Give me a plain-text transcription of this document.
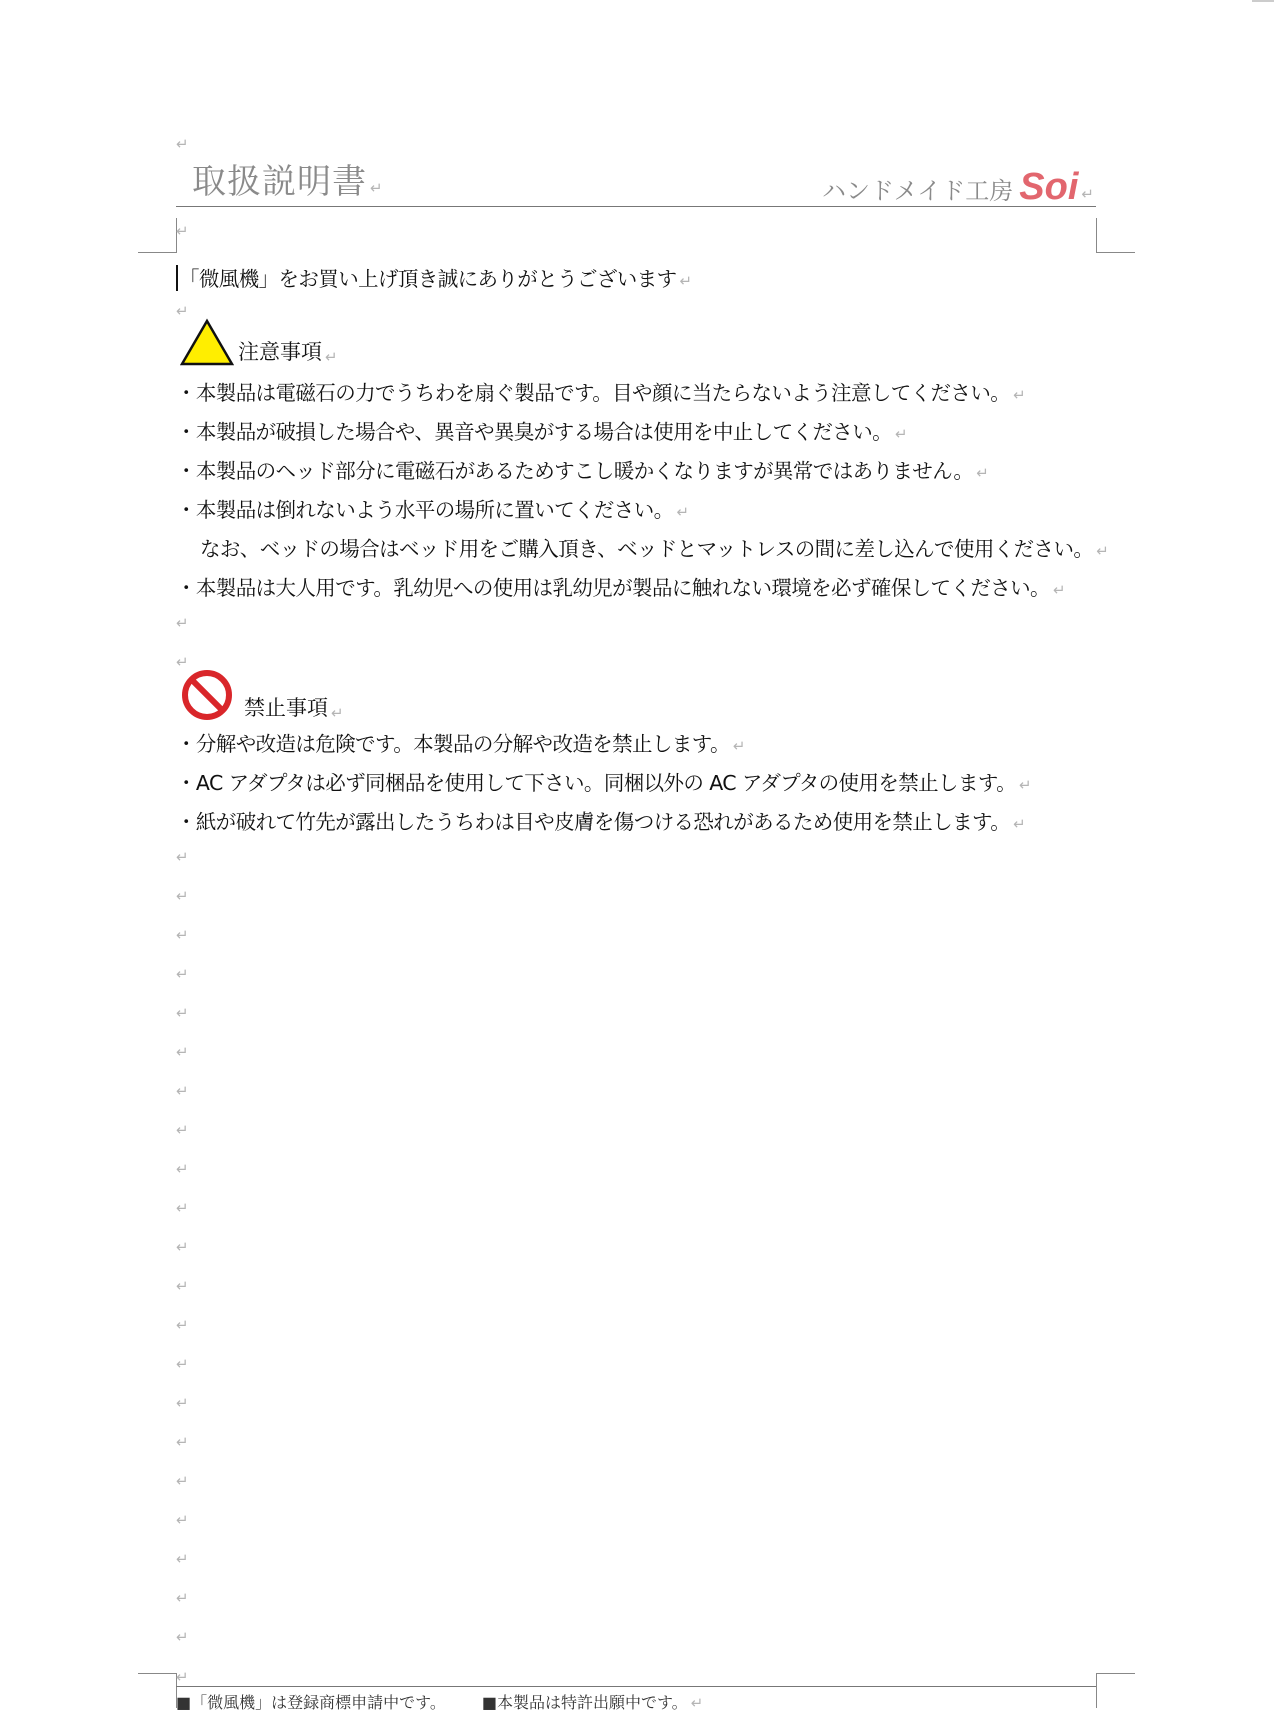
↵
取扱説明書 ↵	ハンドメイド工房 Soi ↵
↵
「微風機」をお買い上げ頂き誠にありがとうございます ↵
↵
注意事項 ↵
・本製品は電磁石の力でうちわを扇ぐ製品です。目や顔に当たらないよう注意してください。 ↵
・本製品が破損した場合や、異音や異臭がする場合は使用を中止してください。 ↵
・本製品のヘッド部分に電磁石があるためすこし暖かくなりますが異常ではありません。 ↵
・本製品は倒れないよう水平の場所に置いてください。 ↵
なお、ベッドの場合はベッド用をご購入頂き、ベッドとマットレスの間に差し込んで使用ください。 ↵
・本製品は大人用です。乳幼児への使用は乳幼児が製品に触れない環境を必ず確保してください。 ↵
↵
↵
禁止事項 ↵
・分解や改造は危険です。本製品の分解や改造を禁止します。 ↵
・AC アダプタは必ず同梱品を使用して下さい。同梱以外の AC アダプタの使用を禁止します。 ↵
・紙が破れて竹先が露出したうちわは目や皮膚を傷つける恐れがあるため使用を禁止します。 ↵
↵
↵
↵
↵
↵
↵
↵
↵
↵
↵
↵
↵
↵
↵
↵
↵
↵
↵
↵
↵
↵
↵
■「微風機」は登録商標申請中です。 ■本製品は特許出願中です。 ↵
